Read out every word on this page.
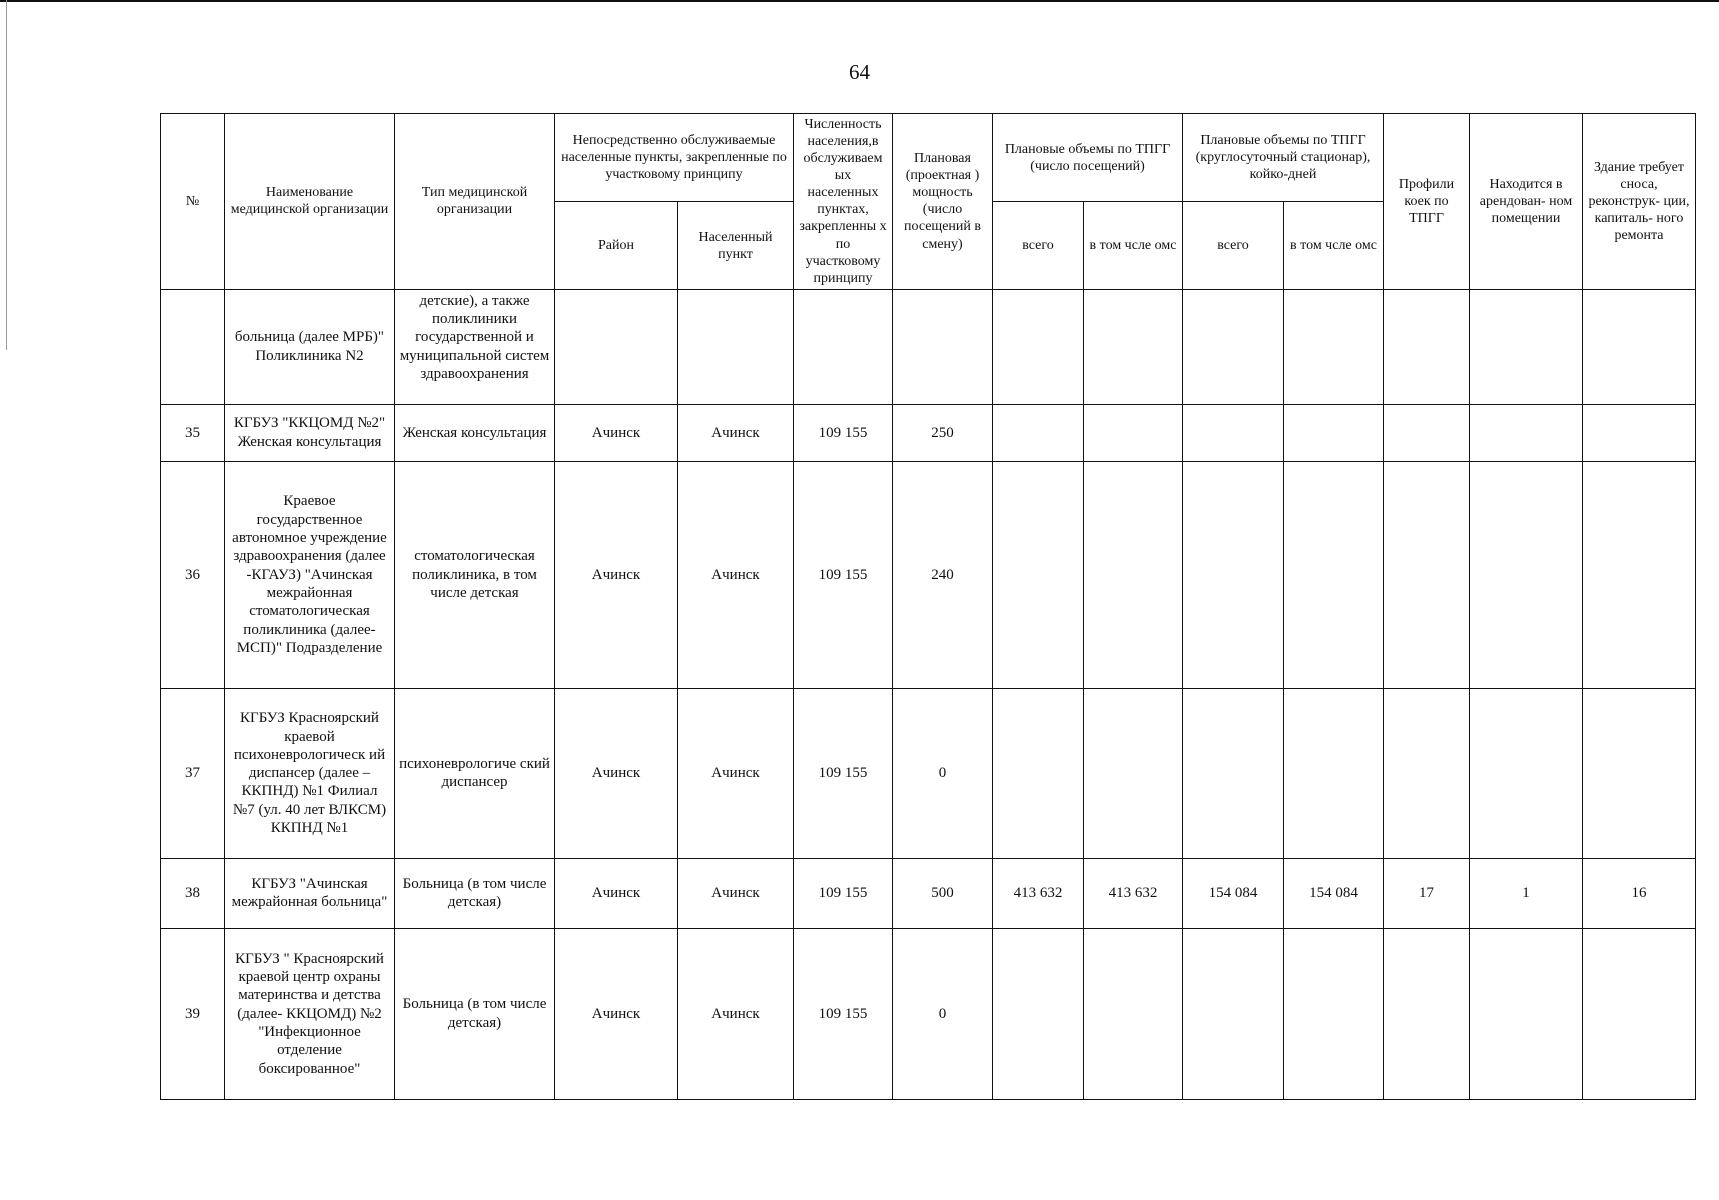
64
№	Наименование медицинской организации	Тип медицинской организации	Непосредственно обслуживаемые населенные пункты, закрепленные по участковому принципу		Численность населения,в обслуживаем ых населенных пунктах, закрепленны х по участковому принципу	Плановая (проектная ) мощность (число посещений в смену)	Плановые объемы по ТПГГ (число посещений)		Плановые объемы по ТПГГ (круглосуточный стационар), койко-дней		Профили коек по ТПГГ	Находится в арендован- ном помещении	Здание требует сноса, реконструк- ции, капиталь- ного ремонта
			Район	Населенный пункт			всего	в том чсле омс	всего	в том чсле омс			
	больница (далее МРБ)" Поликлиника N2	детские), а также поликлиники государственной и муниципальной систем здравоохранения											
35	КГБУЗ "ККЦОМД №2" Женская консультация	Женская консультация	Ачинск	Ачинск	109 155	250							
36	Краевое государственное автономное учреждение здравоохранения (далее -КГАУЗ) "Ачинская межрайонная стоматологическая поликлиника (далее-МСП)" Подразделение	стоматологическая поликлиника, в том числе детская	Ачинск	Ачинск	109 155	240							
37	КГБУЗ Красноярский краевой психоневрологическ ий диспансер (далее – ККПНД) №1 Филиал №7 (ул. 40 лет ВЛКСМ) ККПНД №1	психоневрологиче ский диспансер	Ачинск	Ачинск	109 155	0							
38	КГБУЗ "Ачинская межрайонная больница"	Больница (в том числе детская)	Ачинск	Ачинск	109 155	500	413 632	413 632	154 084	154 084	17	1	16
39	КГБУЗ " Красноярский краевой центр охраны материнства и детства (далее- ККЦОМД) №2 "Инфекционное отделение боксированное"	Больница (в том числе детская)	Ачинск	Ачинск	109 155	0							
